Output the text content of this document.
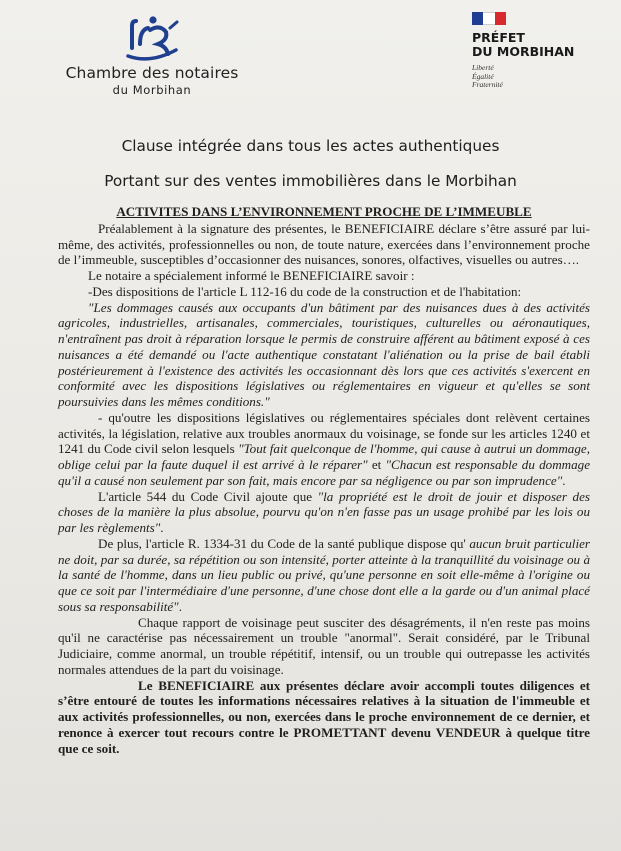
Chambre des notaires
du Morbihan
PRÉFET
DU MORBIHAN
Liberté
Égalité
Fraternité
Clause intégrée dans tous les actes authentiques
Portant sur des ventes immobilières dans le Morbihan

ACTIVITES DANS L’ENVIRONNEMENT PROCHE DE L’IMMEUBLE

Préalablement à la signature des présentes, le BENEFICIAIRE déclare s’être assuré par lui-même, des activités, professionnelles ou non, de toute nature, exercées dans l’environnement proche de l’immeuble, susceptibles d’occasionner des nuisances, sonores, olfactives, visuelles ou autres….

Le notaire a spécialement informé le BENEFICIAIRE savoir :

-Des dispositions de l'article L 112-16 du code de la construction et de l'habitation:

"Les dommages causés aux occupants d'un bâtiment par des nuisances dues à des activités agricoles, industrielles, artisanales, commerciales, touristiques, culturelles ou aéronautiques, n'entraînent pas droit à réparation lorsque le permis de construire afférent au bâtiment exposé à ces nuisances a été demandé ou l'acte authentique constatant l'aliénation ou la prise de bail établi postérieurement à l'existence des activités les occasionnant dès lors que ces activités s'exercent en conformité avec les dispositions législatives ou réglementaires en vigueur et qu'elles se sont poursuivies dans les mêmes conditions."

- qu'outre les dispositions législatives ou réglementaires spéciales dont relèvent certaines activités, la législation, relative aux troubles anormaux du voisinage, se fonde sur les articles 1240 et 1241 du Code civil selon lesquels "Tout fait quelconque de l'homme, qui cause à autrui un dommage, oblige celui par la faute duquel il est arrivé à le réparer" et "Chacun est responsable du dommage qu'il a causé non seulement par son fait, mais encore par sa négligence ou par son imprudence".

L'article 544 du Code Civil ajoute que "la propriété est le droit de jouir et disposer des choses de la manière la plus absolue, pourvu qu'on n'en fasse pas un usage prohibé par les lois ou par les règlements".

De plus, l'article R. 1334-31 du Code de la santé publique dispose qu' aucun bruit particulier ne doit, par sa durée, sa répétition ou son intensité, porter atteinte à la tranquillité du voisinage ou à la santé de l'homme, dans un lieu public ou privé, qu'une personne en soit elle-même à l'origine ou que ce soit par l'intermédiaire d'une personne, d'une chose dont elle a la garde ou d'un animal placé sous sa responsabilité".

Chaque rapport de voisinage peut susciter des désagréments, il n'en reste pas moins qu'il ne caractérise pas nécessairement un trouble "anormal". Serait considéré, par le Tribunal Judiciaire, comme anormal, un trouble répétitif, intensif, ou un trouble qui outrepasse les activités normales attendues de la part du voisinage.

Le BENEFICIAIRE aux présentes déclare avoir accompli toutes diligences et s’être entouré de toutes les informations nécessaires relatives à la situation de l'immeuble et aux activités professionnelles, ou non, exercées dans le proche environnement de ce dernier, et renonce à exercer tout recours contre le PROMETTANT devenu VENDEUR à quelque titre que ce soit.
